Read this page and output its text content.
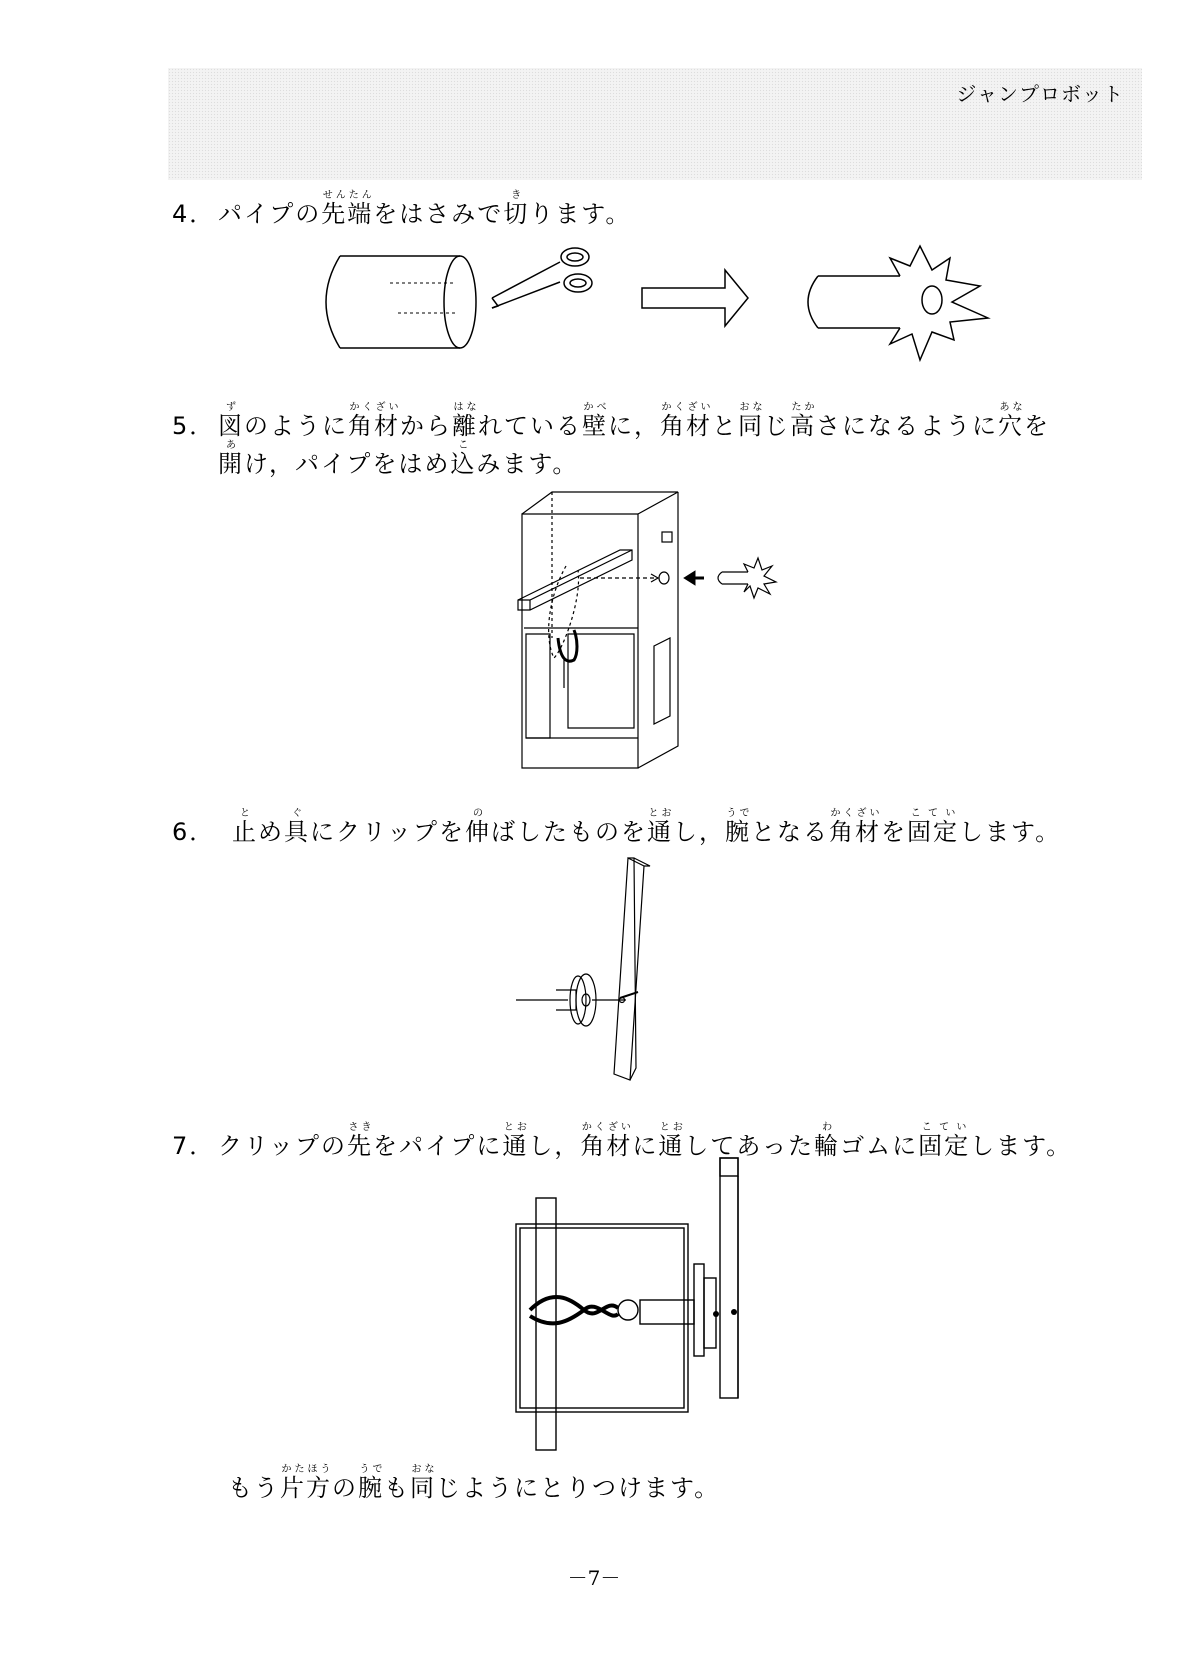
ジャンプロボット
4． パイプの先端せんたんをはさみで切きります。
5． 図ずのように角材かくざいから離はなれている壁かべに，角材かくざいと同おなじ高たかさになるように穴あなを
開あけ，パイプをはめ込こみます。
6． 止とめ具ぐにクリップを伸のばしたものを通とおし，腕うでとなる角材かくざいを固定こていします。
7． クリップの先さきをパイプに通とおし，角材かくざいに通とおしてあった輪わゴムに固定こていします。
もう片方かたほうの腕うでも同おなじようにとりつけます。
－7－
